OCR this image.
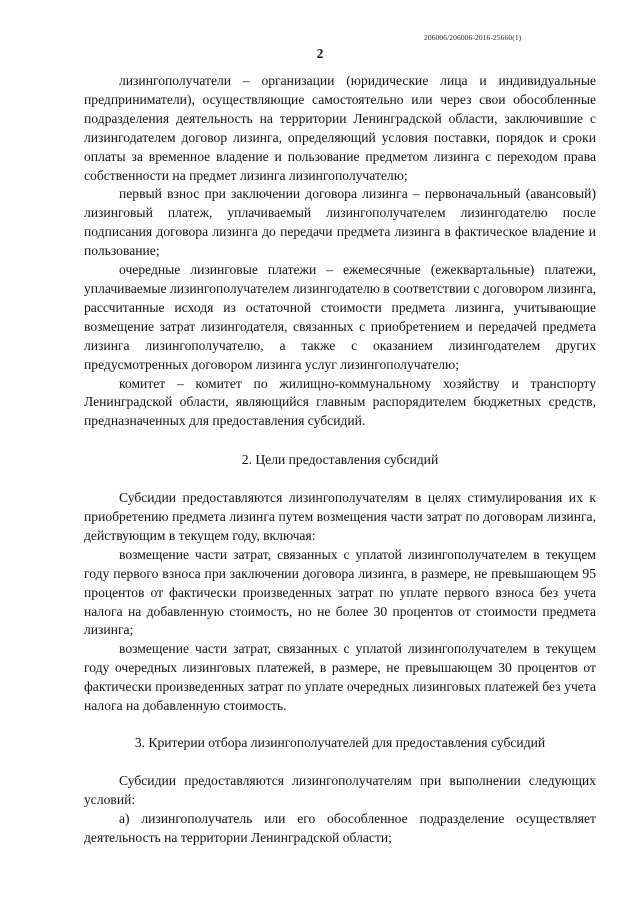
206006/206006-2016-25660(1)
2

лизингополучатели – организации (юридические лица и индивидуальные предприниматели), осуществляющие самостоятельно или через свои обособленные подразделения деятельность на территории Ленинградской области, заключившие с лизингодателем договор лизинга, определяющий условия поставки, порядок и сроки оплаты за временное владение и пользование предметом лизинга с переходом права собственности на предмет лизинга лизингополучателю;

первый взнос при заключении договора лизинга – первоначальный (авансовый) лизинговый платеж, уплачиваемый лизингополучателем лизингодателю после подписания договора лизинга до передачи предмета лизинга в фактическое владение и пользование;

очередные лизинговые платежи – ежемесячные (ежеквартальные) платежи, уплачиваемые лизингополучателем лизингодателю в соответствии с договором лизинга, рассчитанные исходя из остаточной стоимости предмета лизинга, учитывающие возмещение затрат лизингодателя, связанных с приобретением и передачей предмета лизинга лизингополучателю, а также с оказанием лизингодателем других предусмотренных договором лизинга услуг лизингополучателю;

комитет – комитет по жилищно-коммунальному хозяйству и транспорту Ленинградской области, являющийся главным распорядителем бюджетных средств, предназначенных для предоставления субсидий.

2. Цели предоставления субсидий

Субсидии предоставляются лизингополучателям в целях стимулирования их к приобретению предмета лизинга путем возмещения части затрат по договорам лизинга, действующим в текущем году, включая:

возмещение части затрат, связанных с уплатой лизингополучателем в текущем году первого взноса при заключении договора лизинга, в размере, не превышающем 95 процентов от фактически произведенных затрат по уплате первого взноса без учета налога на добавленную стоимость, но не более 30 процентов от стоимости предмета лизинга;

возмещение части затрат, связанных с уплатой лизингополучателем в текущем году очередных лизинговых платежей, в размере, не превышающем 30 процентов от фактически произведенных затрат по уплате очередных лизинговых платежей без учета налога на добавленную стоимость.

3. Критерии отбора лизингополучателей для предоставления субсидий

Субсидии предоставляются лизингополучателям при выполнении следующих условий:

а) лизингополучатель или его обособленное подразделение осуществляет деятельность на территории Ленинградской области;
